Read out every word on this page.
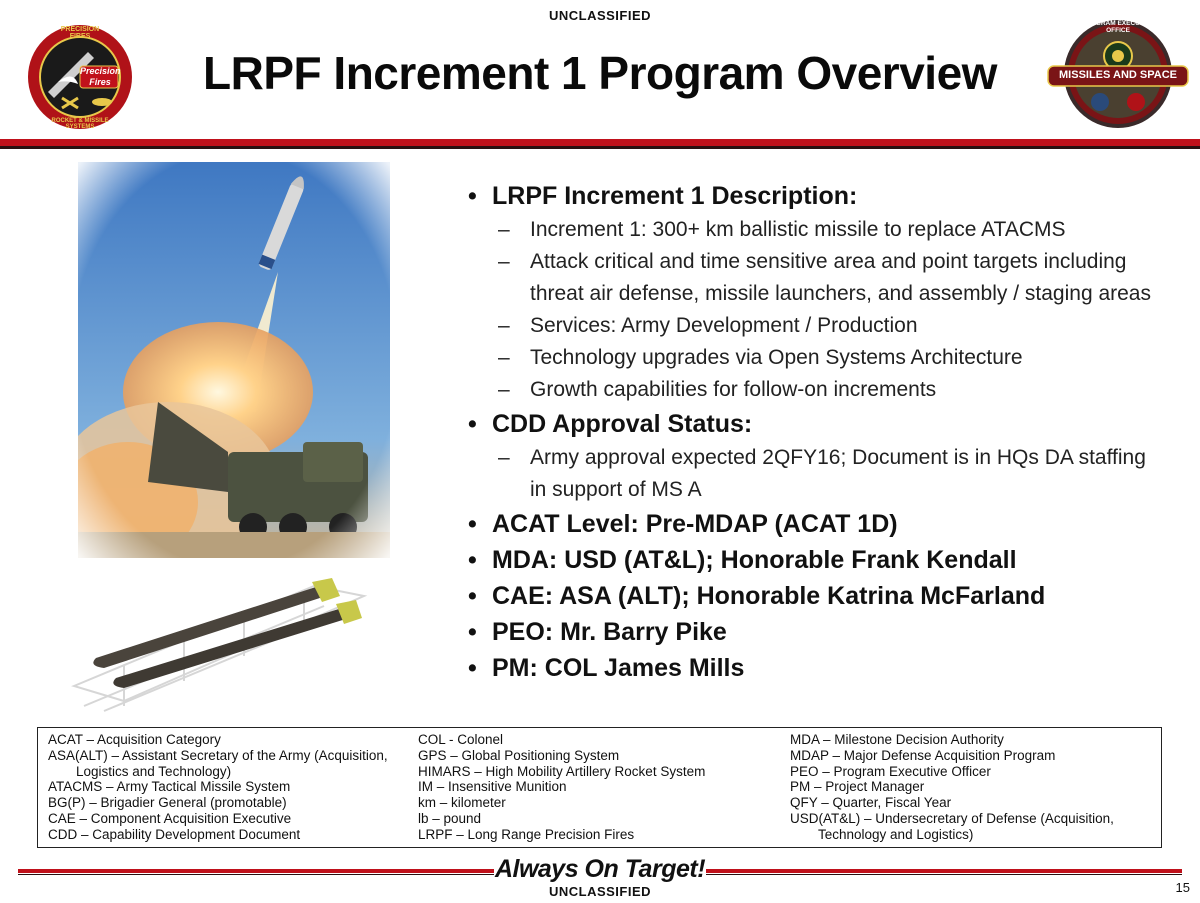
UNCLASSIFIED
PRECISION FIRES
Precision
Fires
ROCKET & MISSILE SYSTEMS
LRPF Increment 1 Program Overview
PROGRAM EXECUTIVE OFFICE
MISSILES AND SPACE
• LRPF Increment 1 Description:
– Increment 1: 300+ km ballistic missile to replace ATACMS
– Attack critical and time sensitive area and point targets including
threat air defense, missile launchers, and assembly / staging areas
– Services: Army Development / Production
– Technology upgrades via Open Systems Architecture
– Growth capabilities for follow-on increments
• CDD Approval Status:
– Army approval expected 2QFY16; Document is in HQs DA staffing
in support of MS A
• ACAT Level: Pre-MDAP (ACAT 1D)
• MDA: USD (AT&L); Honorable Frank Kendall
• CAE: ASA (ALT); Honorable Katrina McFarland
• PEO: Mr. Barry Pike
• PM: COL James Mills
ACAT – Acquisition Category
ASA(ALT) – Assistant Secretary of the Army (Acquisition,
Logistics and Technology)
ATACMS – Army Tactical Missile System
BG(P) – Brigadier General (promotable)
CAE – Component Acquisition Executive
CDD – Capability Development Document
COL - Colonel
GPS – Global Positioning System
HIMARS – High Mobility Artillery Rocket System
IM – Insensitive Munition
km – kilometer
lb – pound
LRPF – Long Range Precision Fires
MDA – Milestone Decision Authority
MDAP – Major Defense Acquisition Program
PEO – Program Executive Officer
PM – Project Manager
QFY – Quarter, Fiscal Year
USD(AT&L) – Undersecretary of Defense (Acquisition,
Technology and Logistics)
Always On Target!
UNCLASSIFIED	15
